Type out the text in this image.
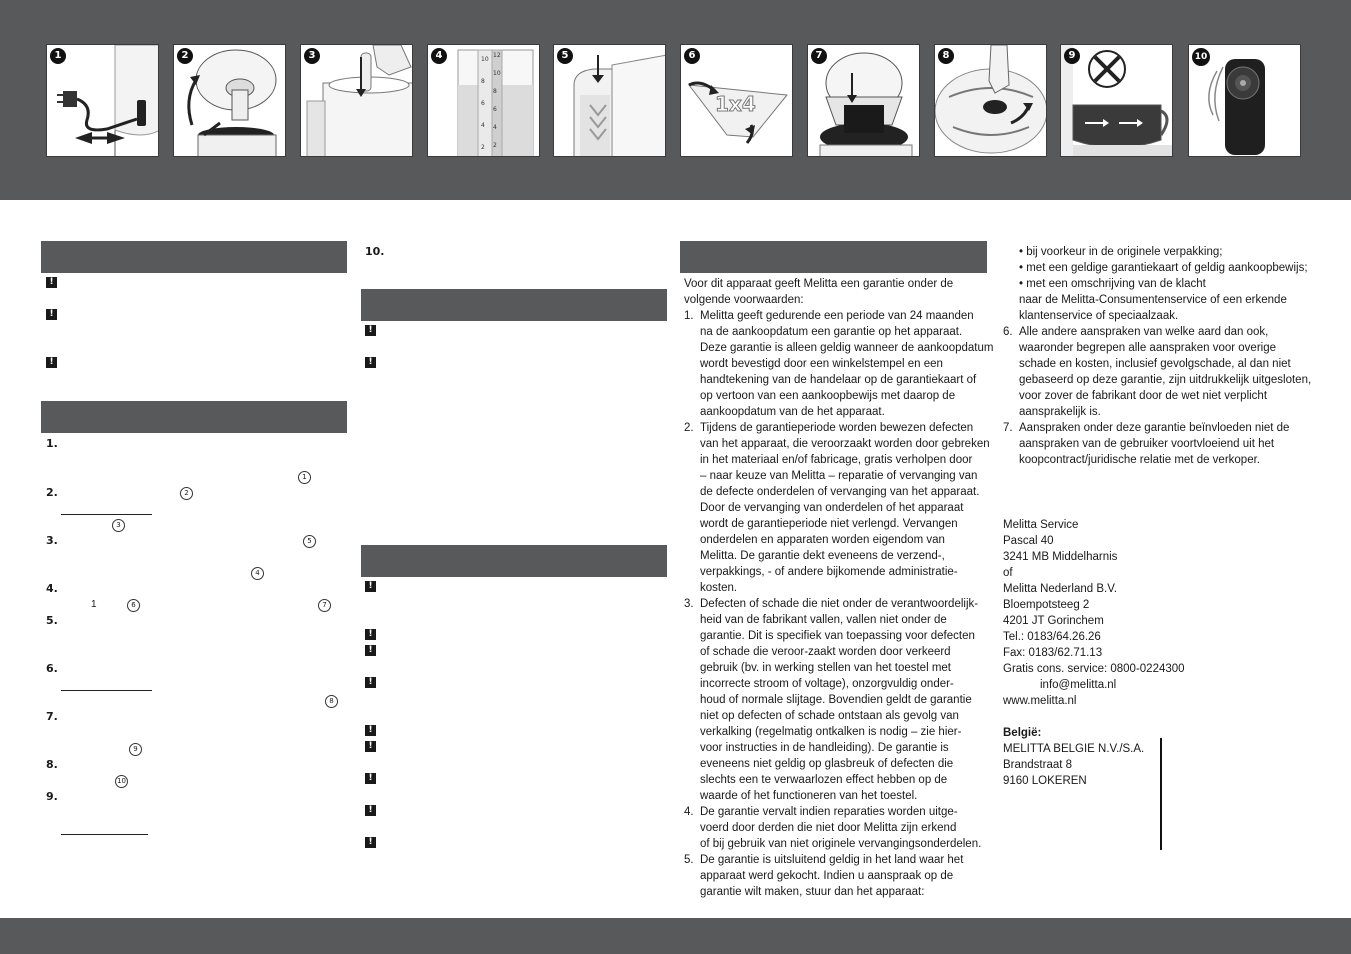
1	2	3	4	10
8
6
4
2
12
10
8
6
4
2
5	6
1x4
7	8	9	10
!
!
!
1.
1
2.	2
3
3.	5
4
4.
1	6	7
5.
6.
8
7.
9
8.
10
9.
10.
!
!
!
!
!
!
!
!
!
!
!
Voor dit apparaat geeft Melitta een garantie onder de
volgende voorwaarden:
1. Melitta geeft gedurende een periode van 24 maanden
na de aankoopdatum een garantie op het apparaat.
Deze garantie is alleen geldig wanneer de aankoopdatum
wordt bevestigd door een winkelstempel en een
handtekening van de handelaar op de garantiekaart of
op vertoon van een aankoopbewijs met daarop de
aankoopdatum van de het apparaat.
2. Tijdens de garantieperiode worden bewezen defecten
van het apparaat, die veroorzaakt worden door gebreken
in het materiaal en/of fabricage, gratis verholpen door
– naar keuze van Melitta – reparatie of vervanging van
de defecte onderdelen of vervanging van het apparaat.
Door de vervanging van onderdelen of het apparaat
wordt de garantieperiode niet verlengd. Vervangen
onderdelen en apparaten worden eigendom van
Melitta. De garantie dekt eveneens de verzend-,
verpakkings, - of andere bijkomende administratie-
kosten.
3. Defecten of schade die niet onder de verantwoordelijk-
heid van de fabrikant vallen, vallen niet onder de
garantie. Dit is specifiek van toepassing voor defecten
of schade die veroor-zaakt worden door verkeerd
gebruik (bv. in werking stellen van het toestel met
incorrecte stroom of voltage), onzorgvuldig onder-
houd of normale slijtage. Bovendien geldt de garantie
niet op defecten of schade ontstaan als gevolg van
verkalking (regelmatig ontkalken is nodig – zie hier-
voor instructies in de handleiding). De garantie is
eveneens niet geldig op glasbreuk of defecten die
slechts een te verwaarlozen effect hebben op de
waarde of het functioneren van het toestel.
4. De garantie vervalt indien reparaties worden uitge-
voerd door derden die niet door Melitta zijn erkend
of bij gebruik van niet originele vervangingsonderdelen.
5. De garantie is uitsluitend geldig in het land waar het
apparaat werd gekocht. Indien u aanspraak op de
garantie wilt maken, stuur dan het apparaat:
• bij voorkeur in de originele verpakking;
• met een geldige garantiekaart of geldig aankoopbewijs;
• met een omschrijving van de klacht
naar de Melitta-Consumentenservice of een erkende
klantenservice of speciaalzaak.
6. Alle andere aanspraken van welke aard dan ook,
waaronder begrepen alle aanspraken voor overige
schade en kosten, inclusief gevolgschade, al dan niet
gebaseerd op deze garantie, zijn uitdrukkelijk uitgesloten,
voor zover de fabrikant door de wet niet verplicht
aansprakelijk is.
7. Aanspraken onder deze garantie beïnvloeden niet de
aanspraken van de gebruiker voortvloeiend uit het
koopcontract/juridische relatie met de verkoper.
Melitta Service
Pascal 40
3241 MB Middelharnis
of
Melitta Nederland B.V.
Bloempotsteeg 2
4201 JT Gorinchem
Tel.: 0183/64.26.26
Fax: 0183/62.71.13
Gratis cons. service: 0800-0224300
info@melitta.nl
www.melitta.nl
België:
MELITTA BELGIE N.V./S.A.
Brandstraat 8
9160 LOKEREN
